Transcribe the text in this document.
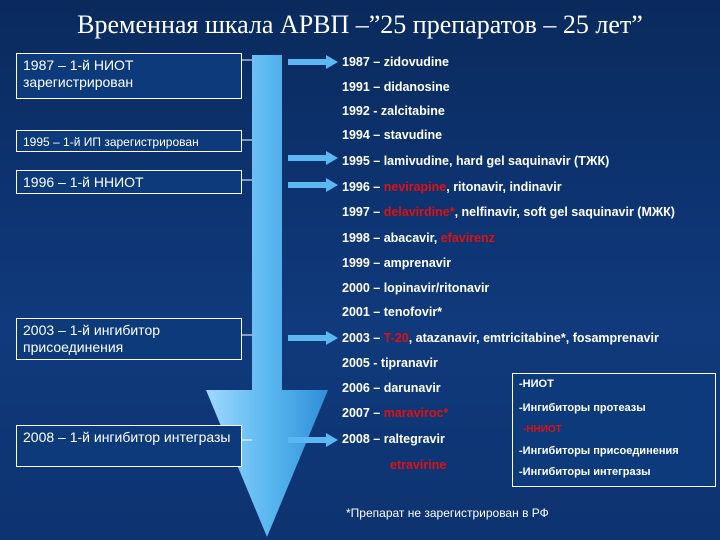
Временная шкала АРВП –”25 препаратов – 25 лет”
1987 – 1-й НИОТ зарегистрирован
1995 – 1-й ИП зарегистрирован
1996 – 1-й ННИОТ
2003 – 1-й ингибитор присоединения
2008 – 1-й ингибитор интегразы
1987 – zidovudine
1991 – didanosine
1992 - zalcitabine
1994 – stavudine
1995 – lamivudine, hard gel saquinavir (ТЖК)
1996 – nevirapine, ritonavir, indinavir
1997 – delavirdine*, nelfinavir, soft gel saquinavir (МЖК)
1998 – abacavir, efavirenz
1999 – amprenavir
2000 – lopinavir/ritonavir
2001 – tenofovir*
2003 – T-20, atazanavir, emtricitabine*, fosamprenavir
2005 - tipranavir
2006 – darunavir
2007 – maraviroc*
2008 – raltegravir
etravirine
-НИОТ
-Ингибиторы протеазы
-ННИОТ
-Ингибиторы присоединения
-Ингибиторы интегразы
*Препарат не зарегистрирован в РФ
